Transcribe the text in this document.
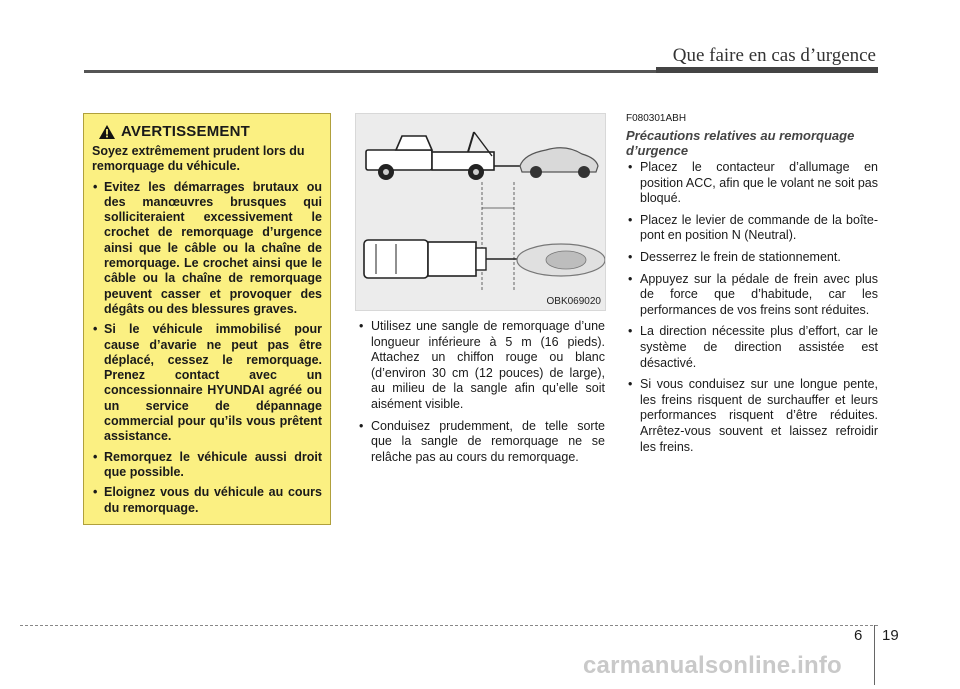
Que faire en cas d’urgence
AVERTISSEMENT

Soyez extrêmement prudent lors du remorquage du véhicule.

• Evitez les démarrages brutaux ou des manœuvres brusques qui solliciteraient excessivement le crochet de remorquage d’urgence ainsi que le câble ou la chaîne de remorquage. Le crochet ainsi que le câble ou la chaîne de remorquage peuvent casser et provoquer des dégâts ou des blessures graves.
• Si le véhicule immobilisé pour cause d’avarie ne peut pas être déplacé, cessez le remorquage. Prenez contact avec un concessionnaire HYUNDAI agréé ou un service de dépannage commercial pour qu’ils vous prêtent assistance.
• Remorquez le véhicule aussi droit que possible.
• Eloignez vous du véhicule au cours du remorquage.
OBK069020
• Utilisez une sangle de remorquage d’une longueur inférieure à 5 m (16 pieds). Attachez un chiffon rouge ou blanc (d’environ 30 cm (12 pouces) de large), au milieu de la sangle afin qu’elle soit aisément visible.
• Conduisez prudemment, de telle sorte que la sangle de remorquage ne se relâche pas au cours du remorquage.
F080301ABH
Précautions relatives au remorquage d’urgence
• Placez le contacteur d’allumage en position ACC, afin que le volant ne soit pas bloqué.
• Placez le levier de commande de la boîte-pont en position N (Neutral).
• Desserrez le frein de stationnement.
• Appuyez sur la pédale de frein avec plus de force que d’habitude, car les performances de vos freins sont réduites.
• La direction nécessite plus d’effort, car le système de direction assistée est désactivé.
• Si vous conduisez sur une longue pente, les freins risquent de surchauffer et leurs performances risquent d’être réduites. Arrêtez-vous souvent et laissez refroidir les freins.
6 19
carmanualsonline.info
